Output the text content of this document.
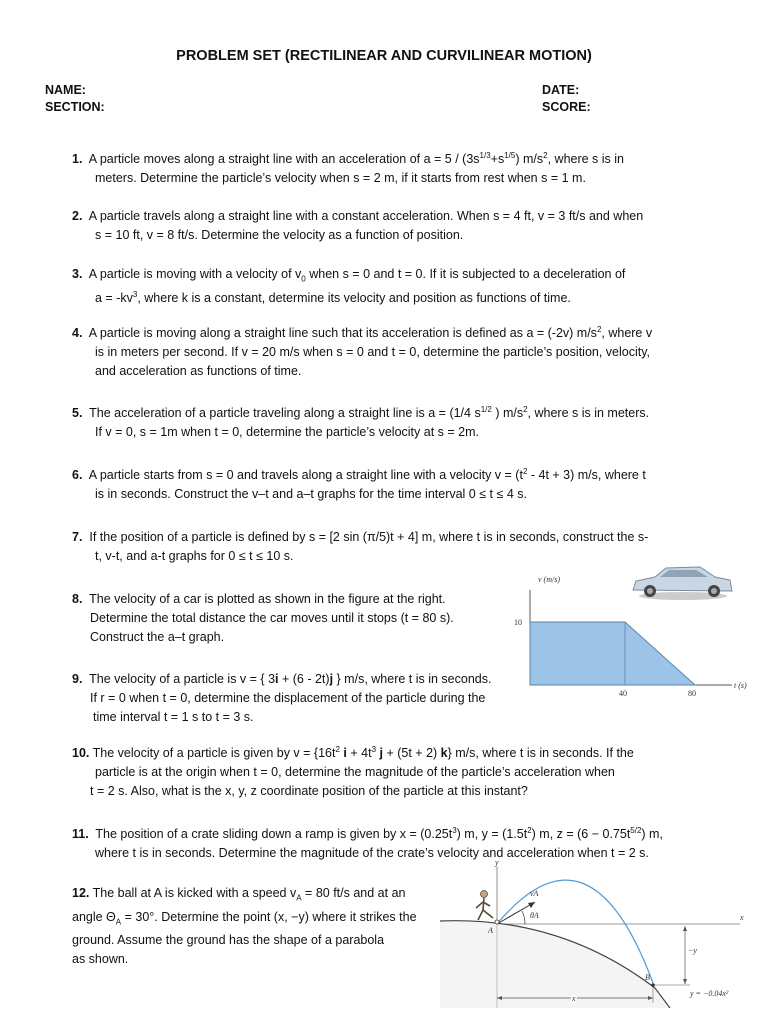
PROBLEM SET (RECTILINEAR AND CURVILINEAR MOTION)
NAME:
SECTION:
DATE:
SCORE:
1. A particle moves along a straight line with an acceleration of $a = 5 / (3s^{1/3}+s^{1/5})$ $m/s^2$, where s is in
meters. Determine the particle’s velocity when s = 2 m, if it starts from rest when s = 1 m.
2. A particle travels along a straight line with a constant acceleration. When s = 4 ft, v = 3 ft/s and when
s = 10 ft, v = 8 ft/s. Determine the velocity as a function of position.
3. A particle is moving with a velocity of $v_0$ when s = 0 and t = 0. If it is subjected to a deceleration of
$a = -kv^3$, where k is a constant, determine its velocity and position as functions of time.
4. A particle is moving along a straight line such that its acceleration is defined as a = (-2v) $m/s^2$, where v
is in meters per second. If v = 20 m/s when s = 0 and t = 0, determine the particle’s position, velocity,
and acceleration as functions of time.
5. The acceleration of a particle traveling along a straight line is a = (1/4 $s^{1/2}$ ) $m/s^2$, where s is in meters.
If v = 0, s = 1m when t = 0, determine the particle’s velocity at s = 2m.
6. A particle starts from s = 0 and travels along a straight line with a velocity $v = (t^2 - 4t + 3)$ m/s, where t
is in seconds. Construct the v–t and a–t graphs for the time interval 0 ≤ t ≤ 4 s.
7. If the position of a particle is defined by s = [2 sin (π/5)t + 4] m, where t is in seconds, construct the s-
t, v-t, and a-t graphs for 0 ≤ t ≤ 10 s.
8. The velocity of a car is plotted as shown in the figure at the right.
Determine the total distance the car moves until it stops (t = 80 s).
Construct the a–t graph.
9. The velocity of a particle is v = { 3i + (6 - 2t)j } m/s, where t is in seconds.
If r = 0 when t = 0, determine the displacement of the particle during the
time interval t = 1 s to t = 3 s.
10. The velocity of a particle is given by $v = \{16t^2$ $i + 4t^3$ j + (5t + 2) k} m/s, where t is in seconds. If the
particle is at the origin when t = 0, determine the magnitude of the particle’s acceleration when
t = 2 s. Also, what is the x, y, z coordinate position of the particle at this instant?
11. The position of a crate sliding down a ramp is given by $x = (0.25t^3)$ m, $y = (1.5t^2)$ m, $z = (6 - 0.75t^{5/2})$ m,
where t is in seconds. Determine the magnitude of the crate’s velocity and acceleration when t = 2 s.
12. The ball at A is kicked with a speed $v_A = 80$ ft/s and at an
angle $\Theta_A = 30^\circ$. Determine the point (x, −y) where it strikes the
ground. Assume the ground has the shape of a parabola
as shown.
v (m/s)
10
40	80
t (s)
y
x
vA
θA
A
B
−y
x
y = −0.04x²
